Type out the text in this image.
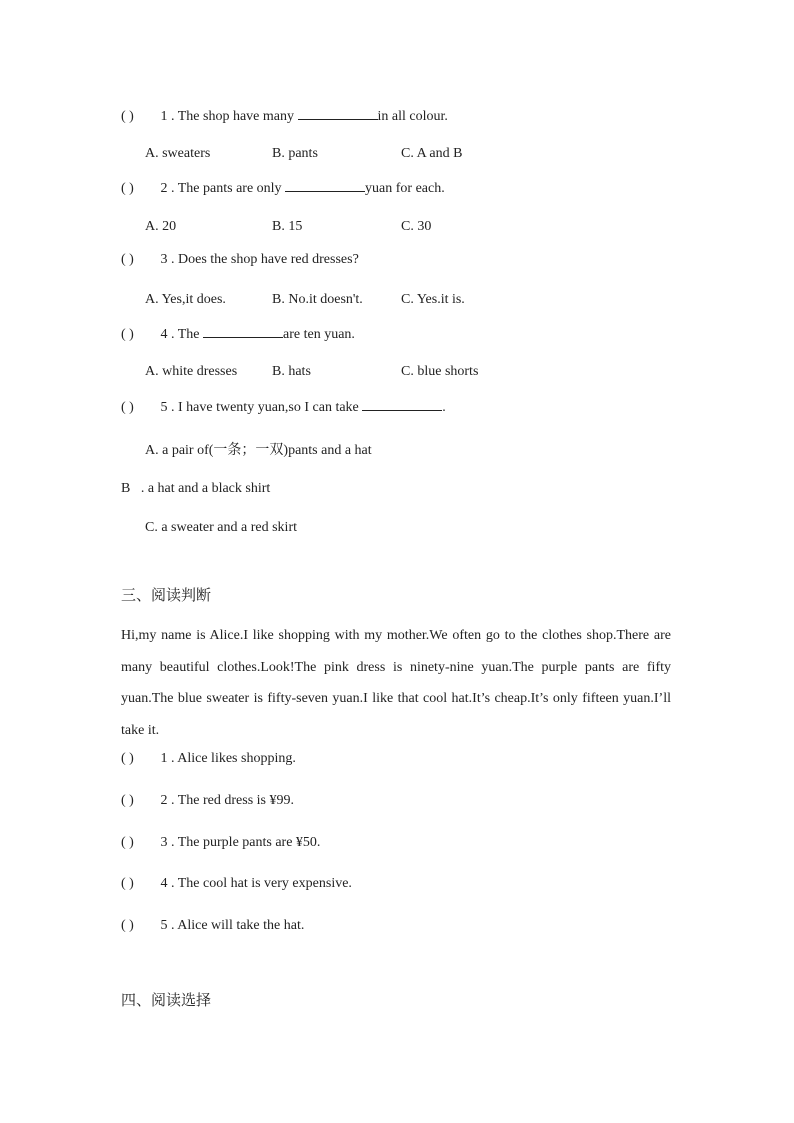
( ) 1 . The shop have many	in all colour.
A. sweaters	B. pants	C. A and B
( ) 2 . The pants are only	yuan for each.
A. 20	B. 15	C. 30
( ) 3 . Does the shop have red dresses?
A. Yes,it does.	B. No.it doesn't.	C. Yes.it is.
( ) 4 . The	are ten yuan.
A. white dresses B. hats	C. blue shorts
( ) 5 . I have twenty yuan,so I can take	.
A. a pair of(一条；一双)pants and a hat
B   . a hat and a black shirt
C. a sweater and a red skirt
三、阅读判断
Hi,my name is Alice.I like shopping with my mother.We often go to the clothes shop.There are many beautiful clothes.Look!The pink dress is ninety-nine yuan.The purple pants are fifty yuan.The blue sweater is fifty-seven yuan.I like that cool hat.It’s cheap.It’s only fifteen yuan.I’ll take it.
( ) 1 . Alice likes shopping.
( ) 2 . The red dress is ¥99.
( ) 3 . The purple pants are ¥50.
( ) 4 . The cool hat is very expensive.
( ) 5 . Alice will take the hat.
四、阅读选择
